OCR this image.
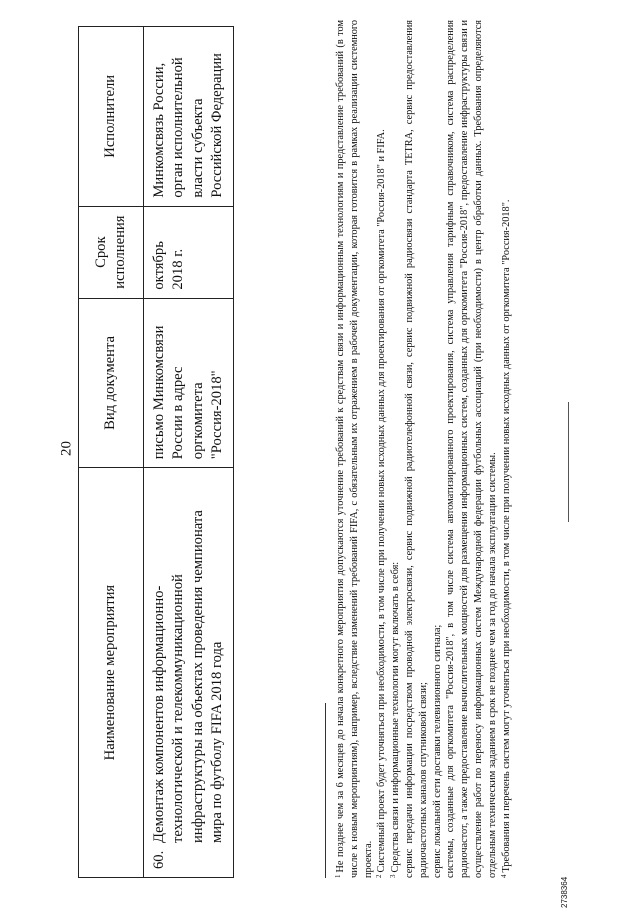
20
Наименование мероприятия	Вид документа	Срок исполнения	Исполнители
60.Демонтаж компонентов информационно-технологической и телекоммуникационной инфраструктуры на объектах проведения чемпионата мира по футболу FIFA 2018 года	письмо Минкомсвязи России в адрес оргкомитета "Россия-2018"	октябрь 2018 г.	Минкомсвязь России, орган исполнительной власти субъекта Российской Федерации

$^1$Не позднее чем за 6 месяцев до начала конкретного мероприятия допускаются уточнение требований к средствам связи и информационным технологиям и представление требований (в том числе к новым мероприятиям), например, вследствие изменений требований FIFA, с обязательным их отражением в рабочей документации, которая готовится в рамках реализации системного проекта. $^2$Системный проект будет уточняться при необходимости, в том числе при получении новых исходных данных для проектирования от оргкомитета "Россия-2018" и FIFA.

$^3$Средства связи и информационные технологии могут включать в себя: сервис передачи информации посредством проводной электросвязи, сервис подвижной радиотелефонной связи, сервис подвижной радиосвязи стандарта TETRA, сервис предоставления радиочастотных каналов спутниковой связи; сервис локальной сети доставки телевизионного сигнала; системы, созданные для оргкомитета "Россия-2018", в том числе система автоматизированного проектирования, система управления тарифным справочником, система распределения радиочастот, а также предоставление вычислительных мощностей для размещения информационных систем, созданных для оргкомитета "Россия-2018", предоставление инфраструктуры связи и осуществление работ по переносу информационных систем Международной федерации футбольных ассоциаций (при необходимости) в центр обработки данных. Требования определяются отдельным техническим заданием в срок не позднее чем за год до начала эксплуатации системы. $^4$Требования и перечень систем могут уточняться при необходимости, в том числе при получении новых исходных данных от оргкомитета "Россия-2018".

2738364
